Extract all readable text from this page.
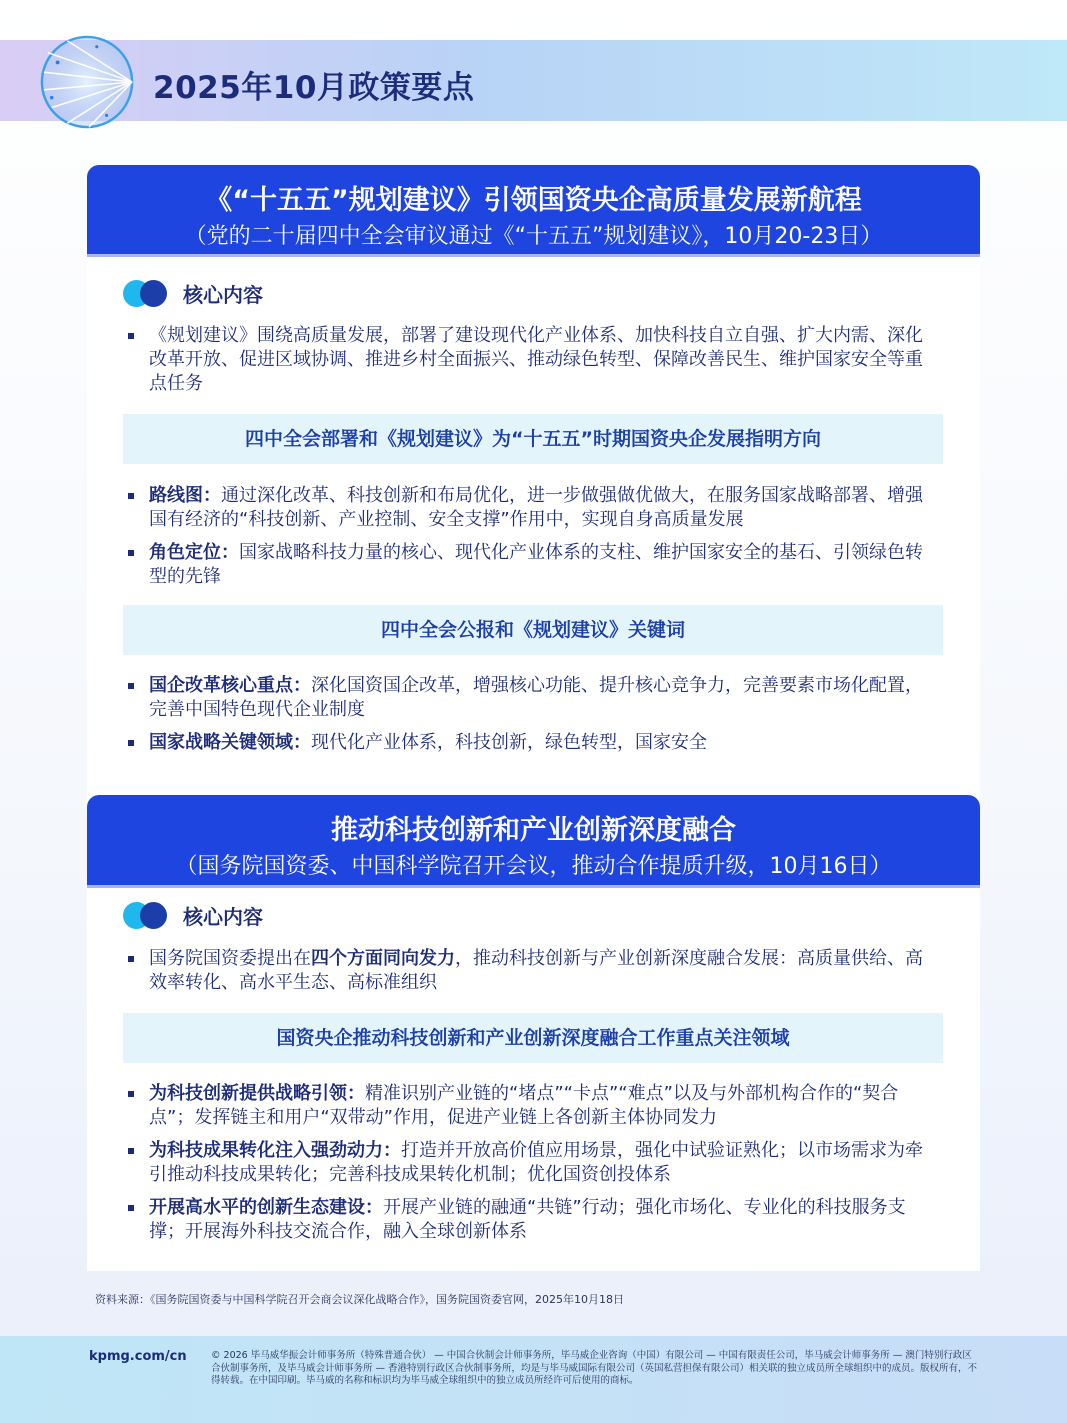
2025年10月政策要点
《“十五五”规划建议》引领国资央企高质量发展新航程
（党的二十届四中全会审议通过《“十五五”规划建议》，10月20-23日）
核心内容
《规划建议》围绕高质量发展，部署了建设现代化产业体系、加快科技自立自强、扩大内需、深化改革开放、促进区域协调、推进乡村全面振兴、推动绿色转型、保障改善民生、维护国家安全等重点任务
四中全会部署和《规划建议》为“十五五”时期国资央企发展指明方向
路线图：通过深化改革、科技创新和布局优化，进一步做强做优做大，在服务国家战略部署、增强国有经济的“科技创新、产业控制、安全支撑”作用中，实现自身高质量发展
角色定位：国家战略科技力量的核心、现代化产业体系的支柱、维护国家安全的基石、引领绿色转型的先锋
四中全会公报和《规划建议》关键词
国企改革核心重点：深化国资国企改革，增强核心功能、提升核心竞争力，完善要素市场化配置，完善中国特色现代企业制度
国家战略关键领域：现代化产业体系，科技创新，绿色转型，国家安全
推动科技创新和产业创新深度融合
（国务院国资委、中国科学院召开会议，推动合作提质升级，10月16日）
核心内容
国务院国资委提出在四个方面同向发力，推动科技创新与产业创新深度融合发展：高质量供给、高效率转化、高水平生态、高标准组织
国资央企推动科技创新和产业创新深度融合工作重点关注领域
为科技创新提供战略引领：精准识别产业链的“堵点”“卡点”“难点”以及与外部机构合作的“契合点”；发挥链主和用户“双带动”作用，促进产业链上各创新主体协同发力
为科技成果转化注入强劲动力：打造并开放高价值应用场景，强化中试验证熟化；以市场需求为牵引推动科技成果转化；完善科技成果转化机制；优化国资创投体系
开展高水平的创新生态建设：开展产业链的融通“共链”行动；强化市场化、专业化的科技服务支撑；开展海外科技交流合作，融入全球创新体系
资料来源：《国务院国资委与中国科学院召开会商会议深化战略合作》，国务院国资委官网，2025年10月18日
kpmg.com/cn	© 2026 毕马威华振会计师事务所（特殊普通合伙） — 中国合伙制会计师事务所，毕马威企业咨询（中国）有限公司 — 中国有限责任公司，毕马威会计师事务所 — 澳门特别行政区合伙制事务所，及毕马威会计师事务所 — 香港特别行政区合伙制事务所，均是与毕马威国际有限公司（英国私营担保有限公司）相关联的独立成员所全球组织中的成员。版权所有，不得转载。在中国印刷。毕马威的名称和标识均为毕马威全球组织中的独立成员所经许可后使用的商标。
